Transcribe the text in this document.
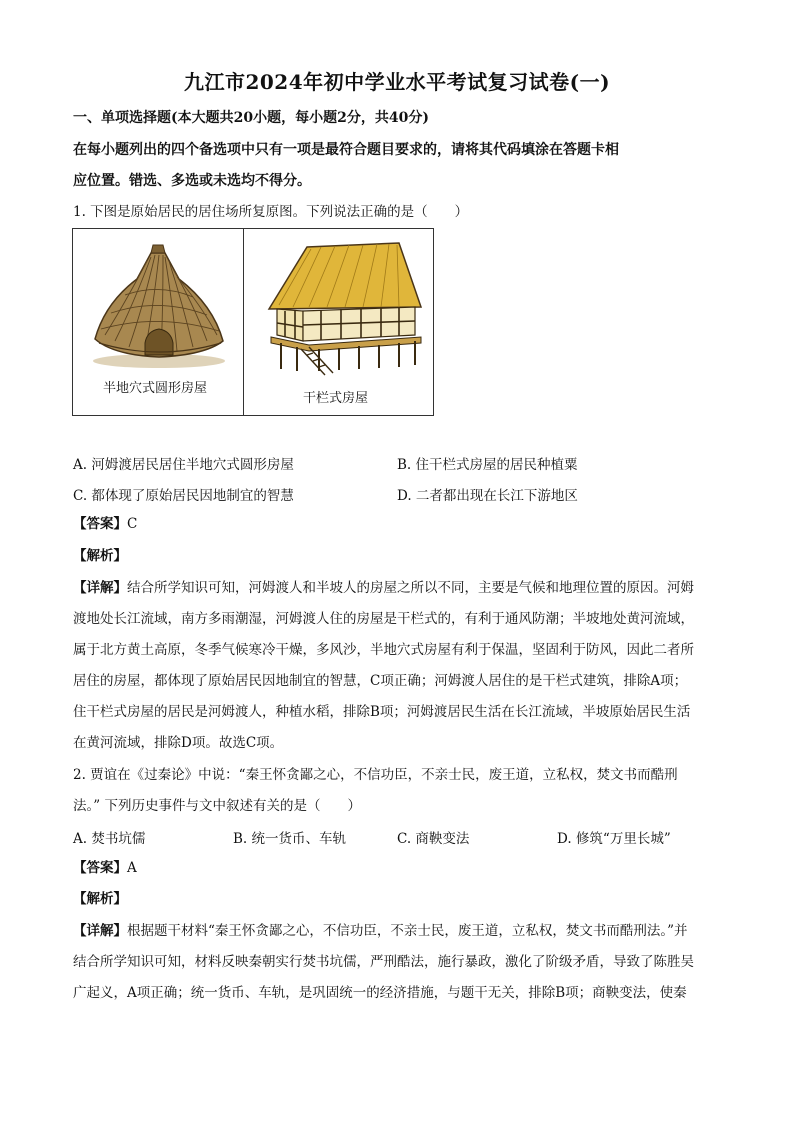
九江市2024年初中学业水平考试复习试卷(一)
一、单项选择题(本大题共20小题，每小题2分，共40分)
在每小题列出的四个备选项中只有一项是最符合题目要求的，请将其代码填涂在答题卡相
应位置。错选、多选或未选均不得分。
1. 下图是原始居民的居住场所复原图。下列说法正确的是（　　）
半地穴式圆形房屋
干栏式房屋
A. 河姆渡居民居住半地穴式圆形房屋	B. 住干栏式房屋的居民种植粟
C. 都体现了原始居民因地制宜的智慧	D. 二者都出现在长江下游地区
【答案】C
【解析】
【详解】结合所学知识可知，河姆渡人和半坡人的房屋之所以不同，主要是气候和地理位置的原因。河姆
渡地处长江流域，南方多雨潮湿，河姆渡人住的房屋是干栏式的，有利于通风防潮；半坡地处黄河流域，
属于北方黄土高原，冬季气候寒冷干燥，多风沙，半地穴式房屋有利于保温，坚固利于防风，因此二者所
居住的房屋，都体现了原始居民因地制宜的智慧，C项正确；河姆渡人居住的是干栏式建筑，排除A项；
住干栏式房屋的居民是河姆渡人，种植水稻，排除B项；河姆渡居民生活在长江流域，半坡原始居民生活
在黄河流域，排除D项。故选C项。
2. 贾谊在《过秦论》中说：“秦王怀贪鄙之心，不信功臣，不亲士民，废王道，立私权，焚文书而酷刑
法。” 下列历史事件与文中叙述有关的是（　　）
A. 焚书坑儒	B. 统一货币、车轨	C. 商鞅变法	D. 修筑“万里长城”
【答案】A
【解析】
【详解】根据题干材料“秦王怀贪鄙之心，不信功臣，不亲士民，废王道，立私权，焚文书而酷刑法。”并
结合所学知识可知，材料反映秦朝实行焚书坑儒，严刑酷法，施行暴政，激化了阶级矛盾，导致了陈胜吴
广起义，A项正确；统一货币、车轨，是巩固统一的经济措施，与题干无关，排除B项；商鞅变法，使秦
